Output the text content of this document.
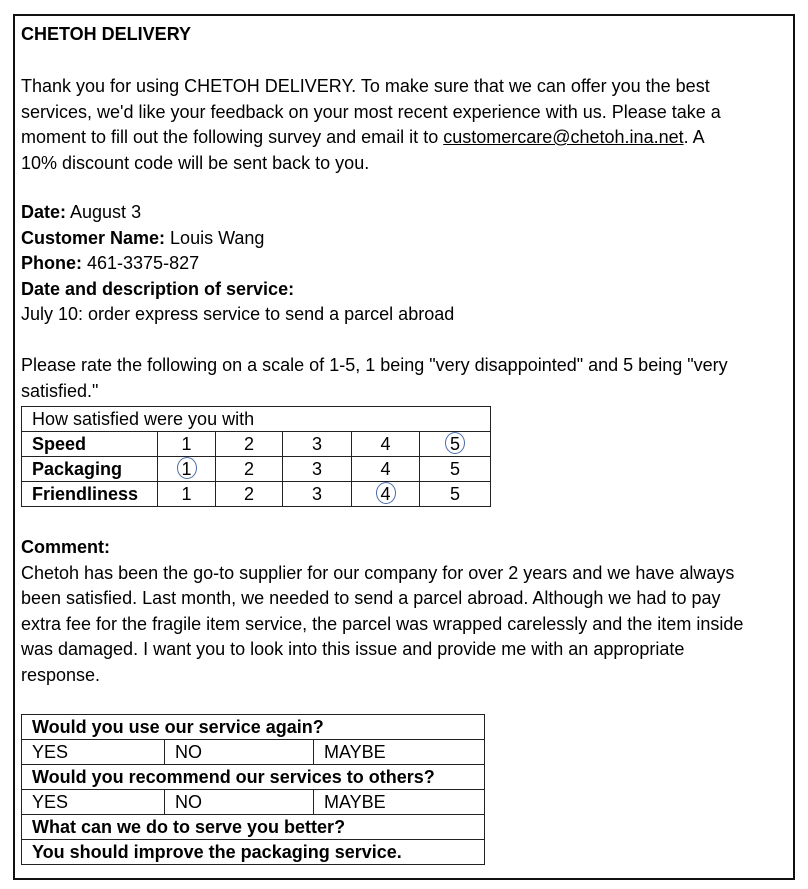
CHETOH DELIVERY
Thank you for using CHETOH DELIVERY. To make sure that we can offer you the best
services, we'd like your feedback on your most recent experience with us. Please take a
moment to fill out the following survey and email it to customercare@chetoh.ina.net. A
10% discount code will be sent back to you.
Date: August 3
Customer Name: Louis Wang
Phone: 461-3375-827
Date and description of service:
July 10: order express service to send a parcel abroad
Please rate the following on a scale of 1-5, 1 being "very disappointed" and 5 being "very
satisfied."
How satisfied were you with					
Speed	1	2	3	4	5
Packaging	1	2	3	4	5
Friendliness	1	2	3	4	5
Comment:
Chetoh has been the go-to supplier for our company for over 2 years and we have always
been satisfied. Last month, we needed to send a parcel abroad. Although we had to pay
extra fee for the fragile item service, the parcel was wrapped carelessly and the item inside
was damaged. I want you to look into this issue and provide me with an appropriate
response.
Would you use our service again?		
YES	NO	MAYBE
Would you recommend our services to others?		
YES	NO	MAYBE
What can we do to serve you better?		
You should improve the packaging service.		
